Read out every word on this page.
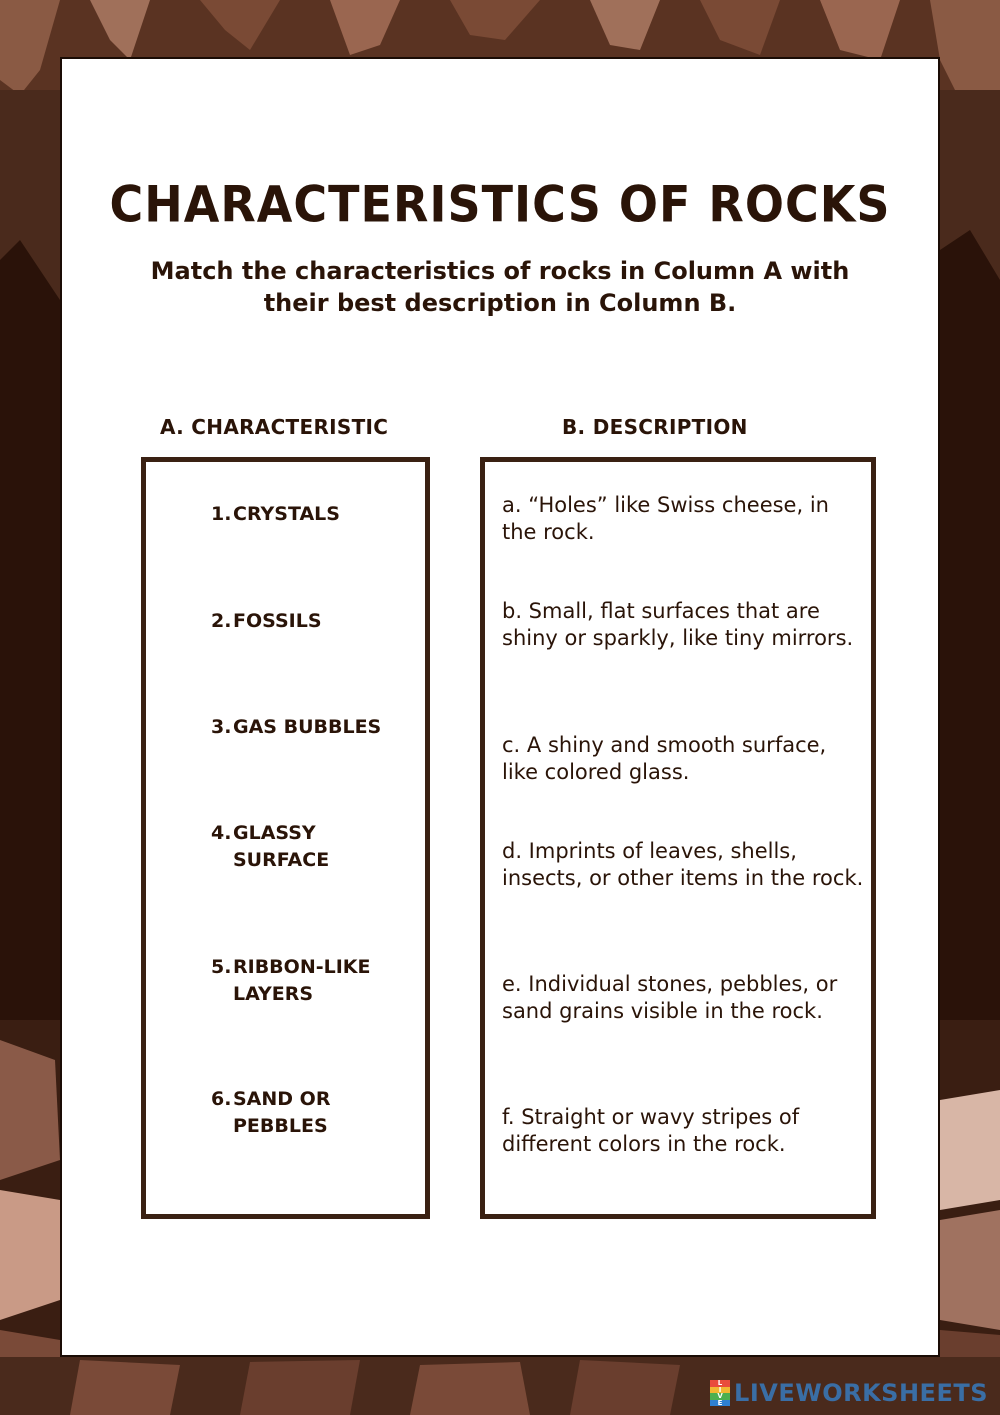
CHARACTERISTICS OF ROCKS
Match the characteristics of rocks in Column A with their best description in Column B.
A. CHARACTERISTIC	B. DESCRIPTION
1. CRYSTALS
2. FOSSILS
3. GAS BUBBLES
4. GLASSY SURFACE
5. RIBBON-LIKE LAYERS
6. SAND OR PEBBLES
a. “Holes” like Swiss cheese, in the rock.
b. Small, flat surfaces that are shiny or sparkly, like tiny mirrors.
c. A shiny and smooth surface, like colored glass.
d. Imprints of leaves, shells, insects, or other items in the rock.
e. Individual stones, pebbles, or sand grains visible in the rock.
f. Straight or wavy stripes of different colors in the rock.
L
I
V
E LIVEWORKSHEETS
